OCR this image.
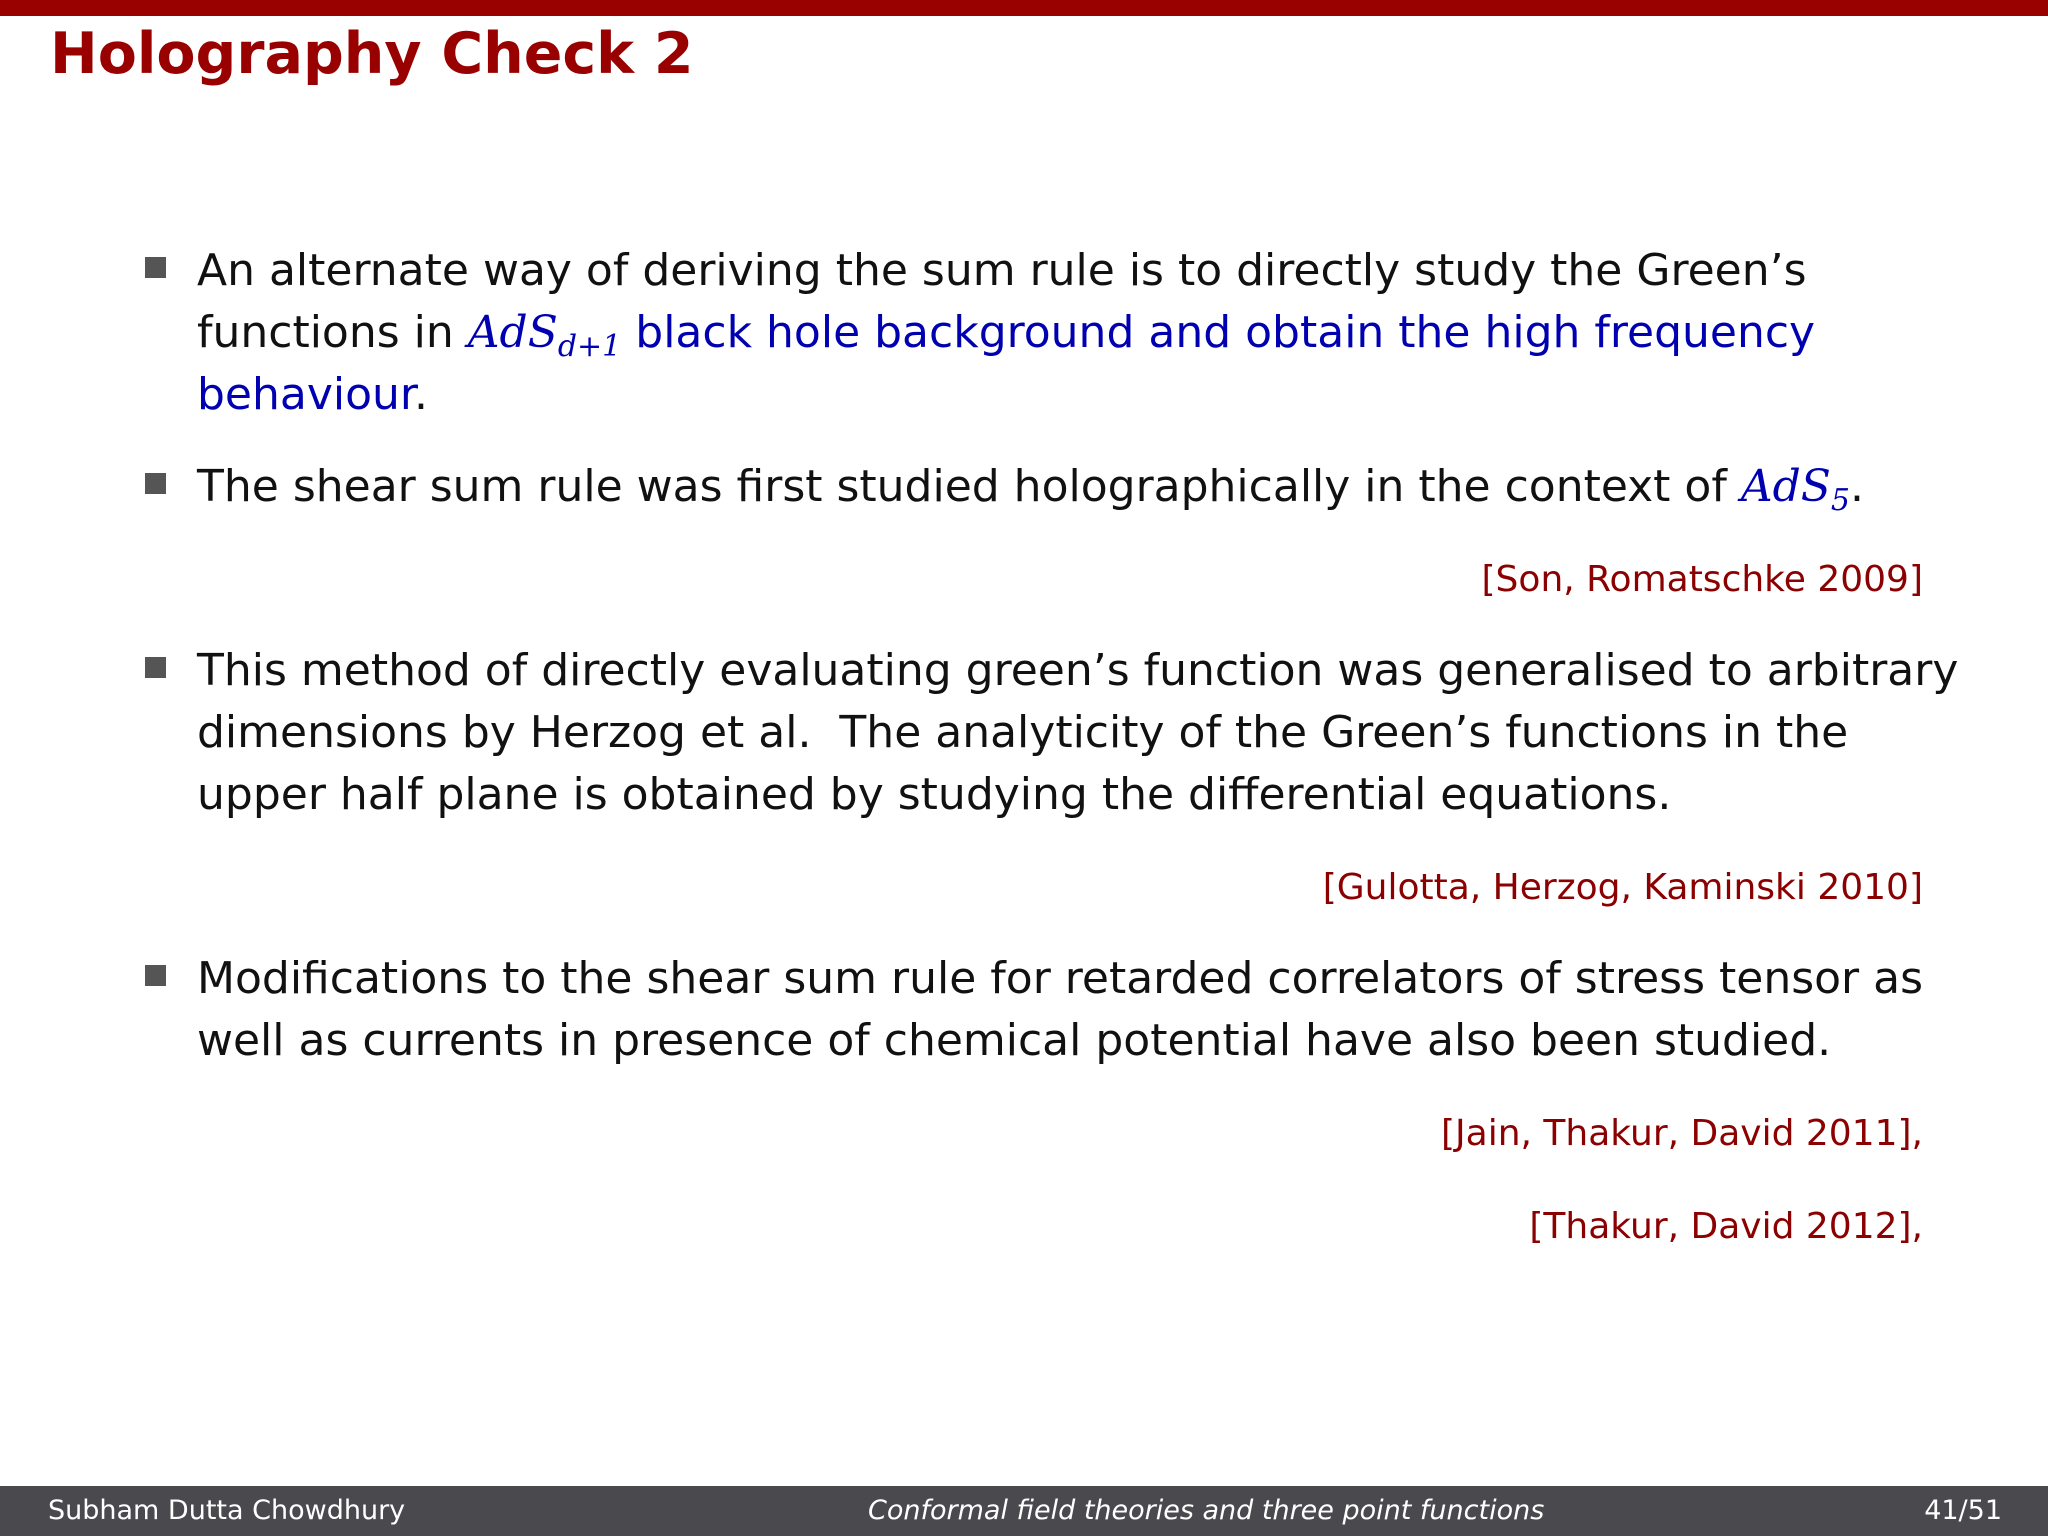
Holography Check 2
An alternate way of deriving the sum rule is to directly study the Green’s
functions in AdS$_{d+1}$ black hole background and obtain the high frequency
behaviour.
The shear sum rule was first studied holographically in the context of AdS$_5$.
[Son, Romatschke 2009]
This method of directly evaluating green’s function was generalised to arbitrary
dimensions by Herzog et al.  The analyticity of the Green’s functions in the
upper half plane is obtained by studying the differential equations.
[Gulotta, Herzog, Kaminski 2010]
Modifications to the shear sum rule for retarded correlators of stress tensor as
well as currents in presence of chemical potential have also been studied.
[Jain, Thakur, David 2011],
[Thakur, David 2012],
Subham Dutta Chowdhury	Conformal field theories and three point functions	41/51
